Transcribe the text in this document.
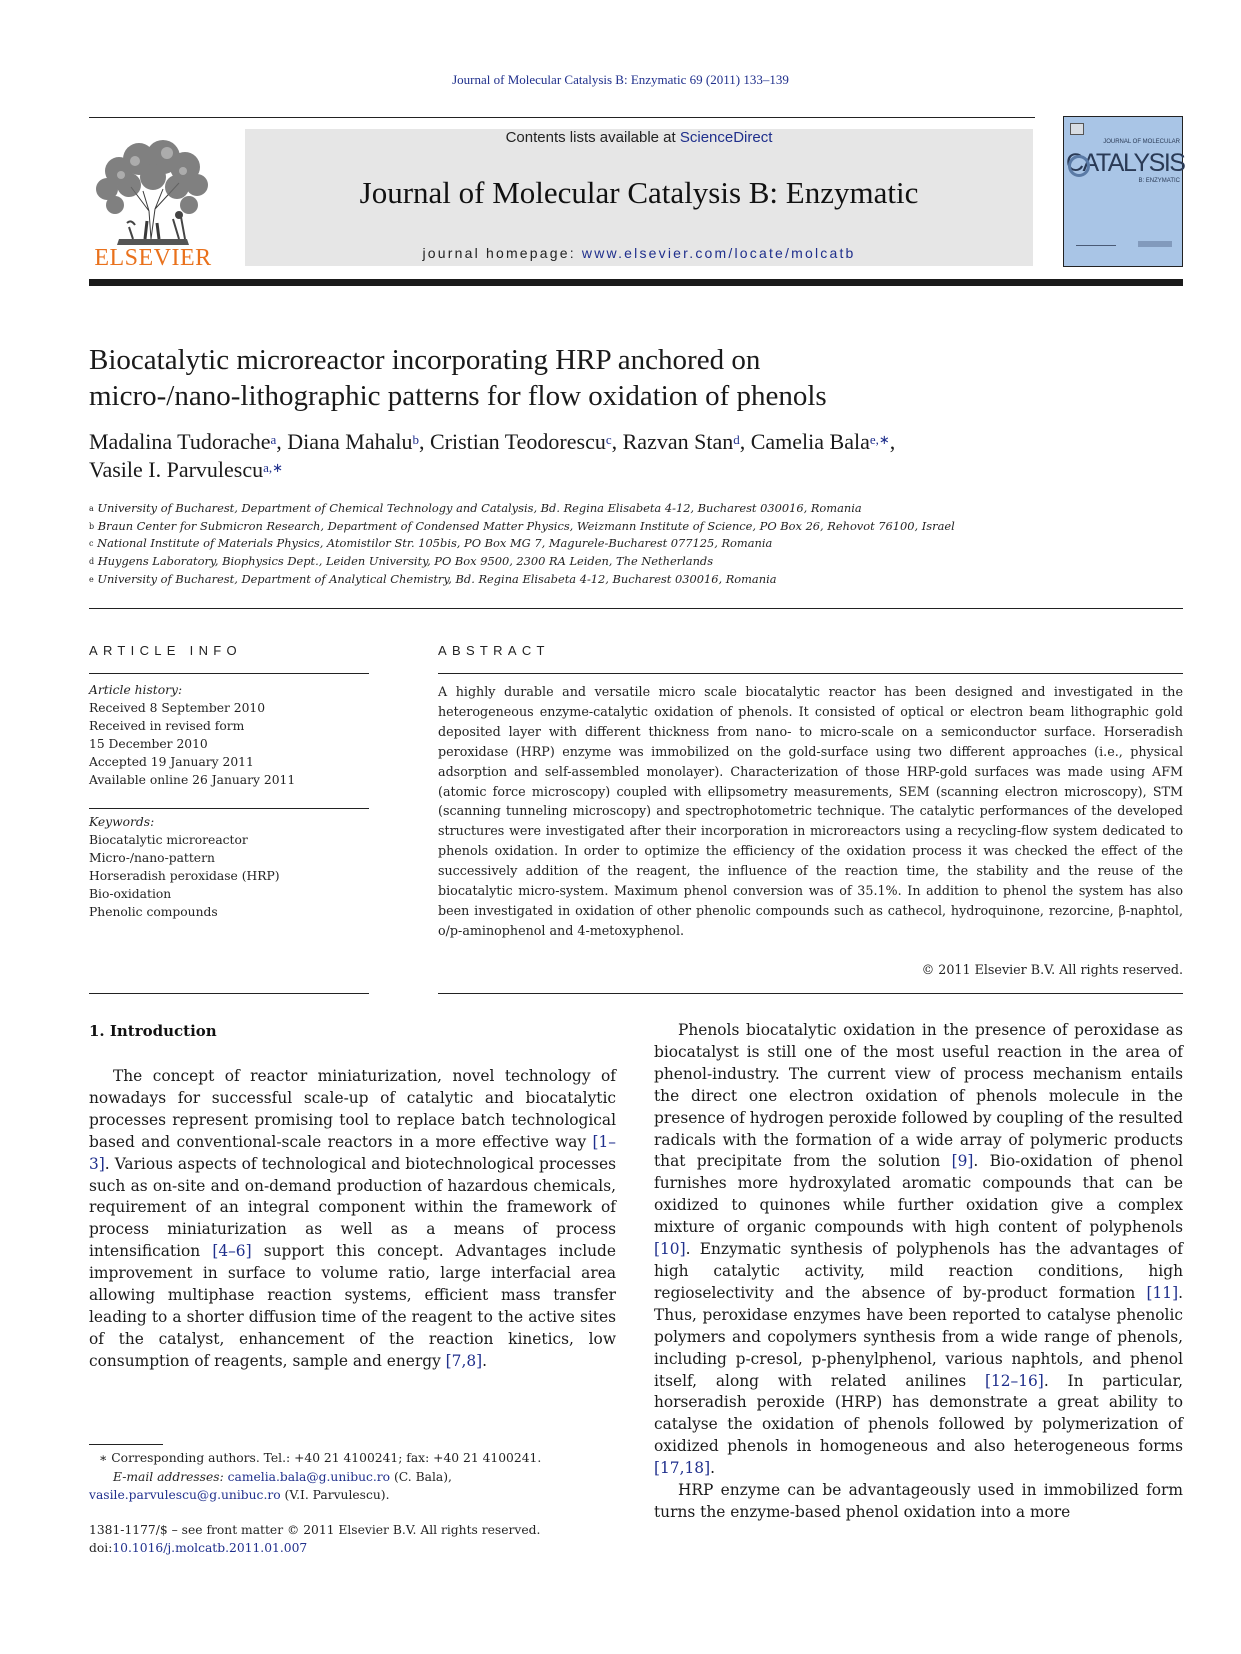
Journal of Molecular Catalysis B: Enzymatic 69 (2011) 133–139
ELSEVIER
Contents lists available at ScienceDirect
Journal of Molecular Catalysis B: Enzymatic
journal homepage: www.elsevier.com/locate/molcatb
JOURNAL OF MOLECULAR
CATALYSIS
B: ENZYMATIC
Biocatalytic microreactor incorporating HRP anchored on
micro-/nano-lithographic patterns for flow oxidation of phenols
Madalina Tudorache$^a$, Diana Mahalu$^b$, Cristian Teodorescu$^c$, Razvan Stan$^d$, Camelia Bala$^{e,∗}$,
Vasile I. Parvulescu$^{a,∗}$
$^a$ University of Bucharest, Department of Chemical Technology and Catalysis, Bd. Regina Elisabeta 4-12, Bucharest 030016, Romania
$^b$ Braun Center for Submicron Research, Department of Condensed Matter Physics, Weizmann Institute of Science, PO Box 26, Rehovot 76100, Israel
$^c$ National Institute of Materials Physics, Atomistilor Str. 105bis, PO Box MG 7, Magurele-Bucharest 077125, Romania
$^d$ Huygens Laboratory, Biophysics Dept., Leiden University, PO Box 9500, 2300 RA Leiden, The Netherlands
$^e$ University of Bucharest, Department of Analytical Chemistry, Bd. Regina Elisabeta 4-12, Bucharest 030016, Romania
ARTICLE INFO
Article history:
Received 8 September 2010
Received in revised form
15 December 2010
Accepted 19 January 2011
Available online 26 January 2011
Keywords:
Biocatalytic microreactor
Micro-/nano-pattern
Horseradish peroxidase (HRP)
Bio-oxidation
Phenolic compounds
ABSTRACT
A highly durable and versatile micro scale biocatalytic reactor has been designed and investigated in the heterogeneous enzyme-catalytic oxidation of phenols. It consisted of optical or electron beam lithographic gold deposited layer with different thickness from nano- to micro-scale on a semiconductor surface. Horseradish peroxidase (HRP) enzyme was immobilized on the gold-surface using two different approaches (i.e., physical adsorption and self-assembled monolayer). Characterization of those HRP-gold surfaces was made using AFM (atomic force microscopy) coupled with ellipsometry measurements, SEM (scanning electron microscopy), STM (scanning tunneling microscopy) and spectrophotometric technique. The catalytic performances of the developed structures were investigated after their incorporation in microreactors using a recycling-flow system dedicated to phenols oxidation. In order to optimize the efficiency of the oxidation process it was checked the effect of the successively addition of the reagent, the influence of the reaction time, the stability and the reuse of the biocatalytic micro-system. Maximum phenol conversion was of 35.1%. In addition to phenol the system has also been investigated in oxidation of other phenolic compounds such as cathecol, hydroquinone, rezorcine, β-naphtol, o/p-aminophenol and 4-metoxyphenol.
© 2011 Elsevier B.V. All rights reserved.
1. Introduction

The concept of reactor miniaturization, novel technology of nowadays for successful scale-up of catalytic and biocatalytic processes represent promising tool to replace batch technological based and conventional-scale reactors in a more effective way [1–3]. Various aspects of technological and biotechnological processes such as on-site and on-demand production of hazardous chemicals, requirement of an integral component within the framework of process miniaturization as well as a means of process intensification [4–6] support this concept. Advantages include improvement in surface to volume ratio, large interfacial area allowing multiphase reaction systems, efficient mass transfer leading to a shorter diffusion time of the reagent to the active sites of the catalyst, enhancement of the reaction kinetics, low consumption of reagents, sample and energy [7,8].

Phenols biocatalytic oxidation in the presence of peroxidase as biocatalyst is still one of the most useful reaction in the area of phenol-industry. The current view of process mechanism entails the direct one electron oxidation of phenols molecule in the presence of hydrogen peroxide followed by coupling of the resulted radicals with the formation of a wide array of polymeric products that precipitate from the solution [9]. Bio-oxidation of phenol furnishes more hydroxylated aromatic compounds that can be oxidized to quinones while further oxidation give a complex mixture of organic compounds with high content of polyphenols [10]. Enzymatic synthesis of polyphenols has the advantages of high catalytic activity, mild reaction conditions, high regioselectivity and the absence of by-product formation [11]. Thus, peroxidase enzymes have been reported to catalyse phenolic polymers and copolymers synthesis from a wide range of phenols, including p-cresol, p-phenylphenol, various naphtols, and phenol itself, along with related anilines [12–16]. In particular, horseradish peroxide (HRP) has demonstrate a great ability to catalyse the oxidation of phenols followed by polymerization of oxidized phenols in homogeneous and also heterogeneous forms [17,18].

HRP enzyme can be advantageously used in immobilized form turns the enzyme-based phenol oxidation into a more

∗ Corresponding authors. Tel.: +40 21 4100241; fax: +40 21 4100241.
E-mail addresses: camelia.bala@g.unibuc.ro (C. Bala),
vasile.parvulescu@g.unibuc.ro (V.I. Parvulescu).
1381-1177/$ – see front matter © 2011 Elsevier B.V. All rights reserved.
doi:10.1016/j.molcatb.2011.01.007
